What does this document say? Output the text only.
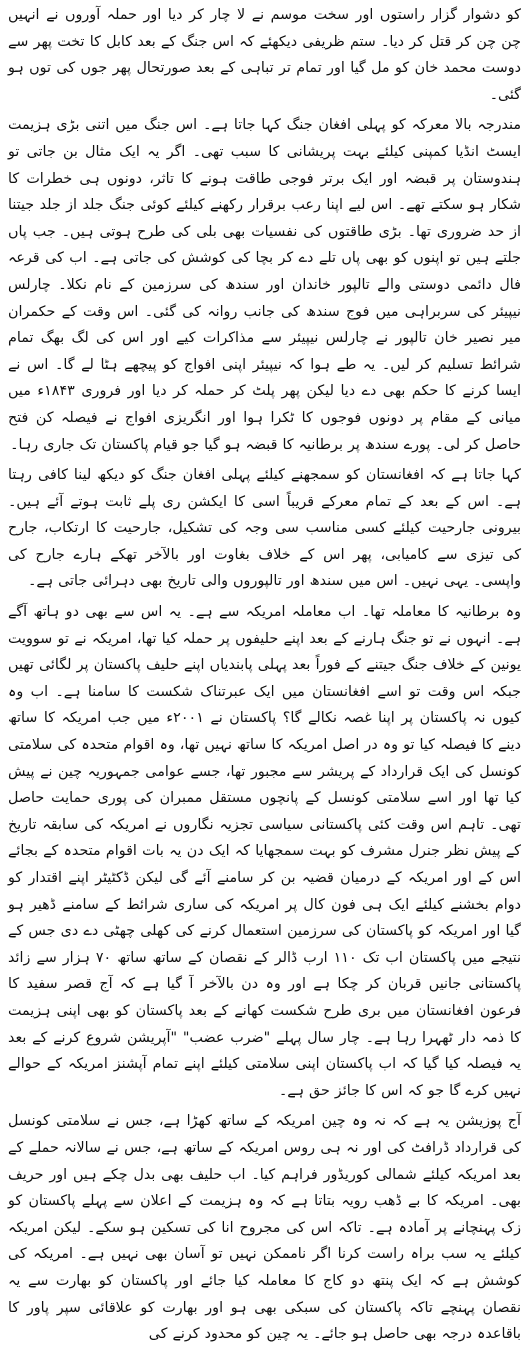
کو دشوار گزار راستوں اور سخت موسم نے لا چار کر دیا اور حملہ آوروں نے انہیں چن چن کر قتل کر دیا۔ ستم ظریفی دیکھئے کہ اس جنگ کے بعد کابل کا تخت پھر سے دوست محمد خان کو مل گیا اور تمام تر تباہی کے بعد صورتحال پھر جوں کی توں ہو گئی۔

مندرجہ بالا معرکہ کو پہلی افغان جنگ کہا جاتا ہے۔ اس جنگ میں اتنی بڑی ہزیمت ایسٹ انڈیا کمپنی کیلئے بہت پریشانی کا سبب تھی۔ اگر یہ ایک مثال بن جاتی تو ہندوستان پر قبضہ اور ایک برتر فوجی طاقت ہونے کا تاثر، دونوں ہی خطرات کا شکار ہو سکتے تھے۔ اس لیے اپنا رعب برقرار رکھنے کیلئے کوئی جنگ جلد از جلد جیتنا از حد ضروری تھا۔ بڑی طاقتوں کی نفسیات بھی بلی کی طرح ہوتی ہیں۔ جب پاں جلتے ہیں تو اپنوں کو بھی پاں تلے دے کر بچا کی کوشش کی جاتی ہے۔ اب کی قرعہ فال دائمی دوستی والے تالپور خاندان اور سندھ کی سرزمین کے نام نکلا۔ چارلس نیپیئر کی سربراہی میں فوج سندھ کی جانب روانہ کی گئی۔ اس وقت کے حکمران میر نصیر خان تالپور نے چارلس نیپیئر سے مذاکرات کیے اور اس کی لگ بھگ تمام شرائط تسلیم کر لیں۔ یہ طے ہوا کہ نیپیئر اپنی افواج کو پیچھے ہٹا لے گا۔ اس نے ایسا کرنے کا حکم بھی دے دیا لیکن پھر پلٹ کر حملہ کر دیا اور فروری ۱۸۴۳ء میں میانی کے مقام پر دونوں فوجوں کا ٹکرا ہوا اور انگریزی افواج نے فیصلہ کن فتح حاصل کر لی۔ پورے سندھ پر برطانیہ کا قبضہ ہو گیا جو قیام پاکستان تک جاری رہا۔

کہا جاتا ہے کہ افغانستان کو سمجھنے کیلئے پہلی افغان جنگ کو دیکھ لینا کافی رہتا ہے۔ اس کے بعد کے تمام معرکے قریباً اسی کا ایکشن ری پلے ثابت ہوتے آئے ہیں۔ بیرونی جارحیت کیلئے کسی مناسب سی وجہ کی تشکیل، جارحیت کا ارتکاب، جارح کی تیزی سے کامیابی، پھر اس کے خلاف بغاوت اور بالآخر تھکے ہارے جارح کی واپسی۔ یہی نہیں۔ اس میں سندھ اور تالپوروں والی تاریخ بھی دہرائی جاتی ہے۔

وہ برطانیہ کا معاملہ تھا۔ اب معاملہ امریکہ سے ہے۔ یہ اس سے بھی دو ہاتھ آگے ہے۔ انہوں نے تو جنگ ہارنے کے بعد اپنے حلیفوں پر حملہ کیا تھا، امریکہ نے تو سوویت یونین کے خلاف جنگ جیتنے کے فوراً بعد پہلی پابندیاں اپنے حلیف پاکستان پر لگائی تھیں جبکہ اس وقت تو اسے افغانستان میں ایک عبرتناک شکست کا سامنا ہے۔ اب وہ کیوں نہ پاکستان پر اپنا غصہ نکالے گا؟ پاکستان نے ۲۰۰۱ء میں جب امریکہ کا ساتھ دینے کا فیصلہ کیا تو وہ در اصل امریکہ کا ساتھ نہیں تھا، وہ اقوام متحدہ کی سلامتی کونسل کی ایک قرارداد کے پریشر سے مجبور تھا، جسے عوامی جمہوریہ چین نے پیش کیا تھا اور اسے سلامتی کونسل کے پانچوں مستقل ممبران کی پوری حمایت حاصل تھی۔ تاہم اس وقت کئی پاکستانی سیاسی تجزیہ نگاروں نے امریکہ کی سابقہ تاریخ کے پیش نظر جنرل مشرف کو بہت سمجھایا کہ ایک دن یہ بات اقوام متحدہ کے بجائے اس کے اور امریکہ کے درمیان قضیہ بن کر سامنے آئے گی لیکن ڈکٹیٹر اپنے اقتدار کو دوام بخشنے کیلئے ایک ہی فون کال پر امریکہ کی ساری شرائط کے سامنے ڈھیر ہو گیا اور امریکہ کو پاکستان کی سرزمین استعمال کرنے کی کھلی چھٹی دے دی جس کے نتیجے میں پاکستان اب تک ۱۱۰ ارب ڈالر کے نقصان کے ساتھ ساتھ ۷۰ ہزار سے زائد پاکستانی جانیں قربان کر چکا ہے اور وہ دن بالآخر آ گیا ہے کہ آج قصر سفید کا فرعون افغانستان میں بری طرح شکست کھانے کے بعد پاکستان کو بھی اپنی ہزیمت کا ذمہ دار ٹھہرا رہا ہے۔ چار سال پہلے "ضرب عضب" "آپریشن شروع کرنے کے بعد یہ فیصلہ کیا گیا کہ اب پاکستان اپنی سلامتی کیلئے اپنے تمام آپشنز امریکہ کے حوالے نہیں کرے گا جو کہ اس کا جائز حق ہے۔

آج پوزیشن یہ ہے کہ نہ وہ چین امریکہ کے ساتھ کھڑا ہے، جس نے سلامتی کونسل کی قرارداد ڈرافٹ کی اور نہ ہی روس امریکہ کے ساتھ ہے، جس نے سالانہ حملے کے بعد امریکہ کیلئے شمالی کوریڈور فراہم کیا۔ اب حلیف بھی بدل چکے ہیں اور حریف بھی۔ امریکہ کا بے ڈھب رویہ بتاتا ہے کہ وہ ہزیمت کے اعلان سے پہلے پاکستان کو زک پہنچانے پر آمادہ ہے۔ تاکہ اس کی مجروح انا کی تسکین ہو سکے۔ لیکن امریکہ کیلئے یہ سب براہ راست کرنا اگر ناممکن نہیں تو آسان بھی نہیں ہے۔ امریکہ کی کوشش ہے کہ ایک پنتھ دو کاج کا معاملہ کیا جائے اور پاکستان کو بھارت سے یہ نقصان پہنچے تاکہ پاکستان کی سبکی بھی ہو اور بھارت کو علاقائی سپر پاور کا باقاعدہ درجہ بھی حاصل ہو جائے۔ یہ چین کو محدود کرنے کی
